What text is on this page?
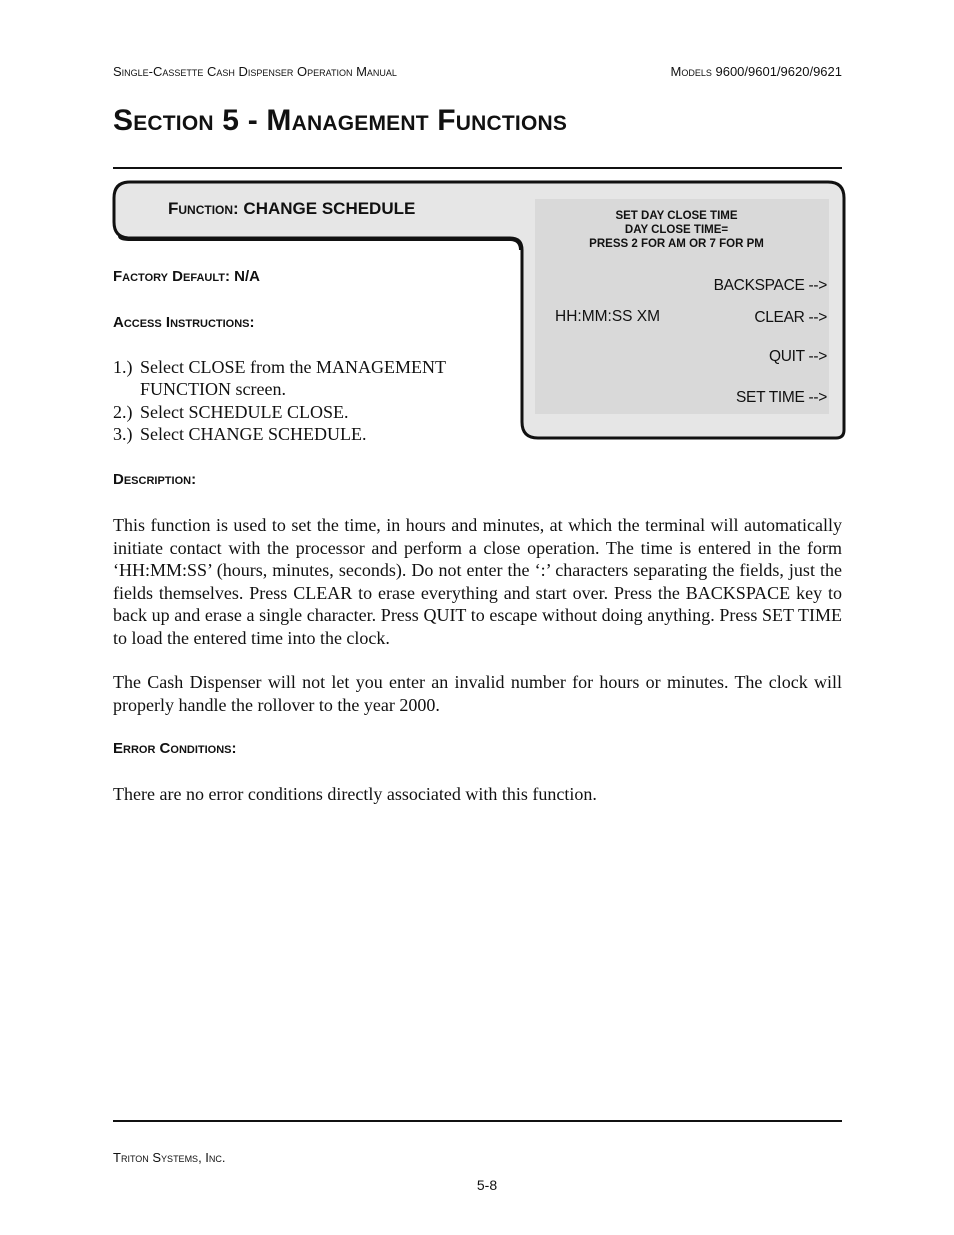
Single-Cassette Cash Dispenser Operation Manual	Models 9600/9601/9620/9621
Section 5 - Management Functions
Function: CHANGE SCHEDULE	SET DAY CLOSE TIME
DAY CLOSE TIME=
PRESS 2 FOR AM OR 7 FOR PM
BACKSPACE -->
HH:MM:SS XM	CLEAR -->
QUIT -->
SET TIME -->
Factory Default: N/A
Access Instructions:
1.) Select CLOSE from the MANAGEMENT
FUNCTION screen.
2.) Select SCHEDULE CLOSE.
3.) Select CHANGE SCHEDULE.
Description:
This function is used to set the time, in hours and minutes, at which the terminal will automatically initiate contact with the processor and perform a close operation. The time is entered in the form ‘HH:MM:SS’ (hours, minutes, seconds). Do not enter the ‘:’ characters separating the fields, just the fields themselves. Press CLEAR to erase everything and start over. Press the BACKSPACE key to back up and erase a single character. Press QUIT to escape without doing anything. Press SET TIME to load the entered time into the clock.
The Cash Dispenser will not let you enter an invalid number for hours or minutes. The clock will properly handle the rollover to the year 2000.
Error Conditions:
There are no error conditions directly associated with this function.
Triton Systems, Inc.
5-8
